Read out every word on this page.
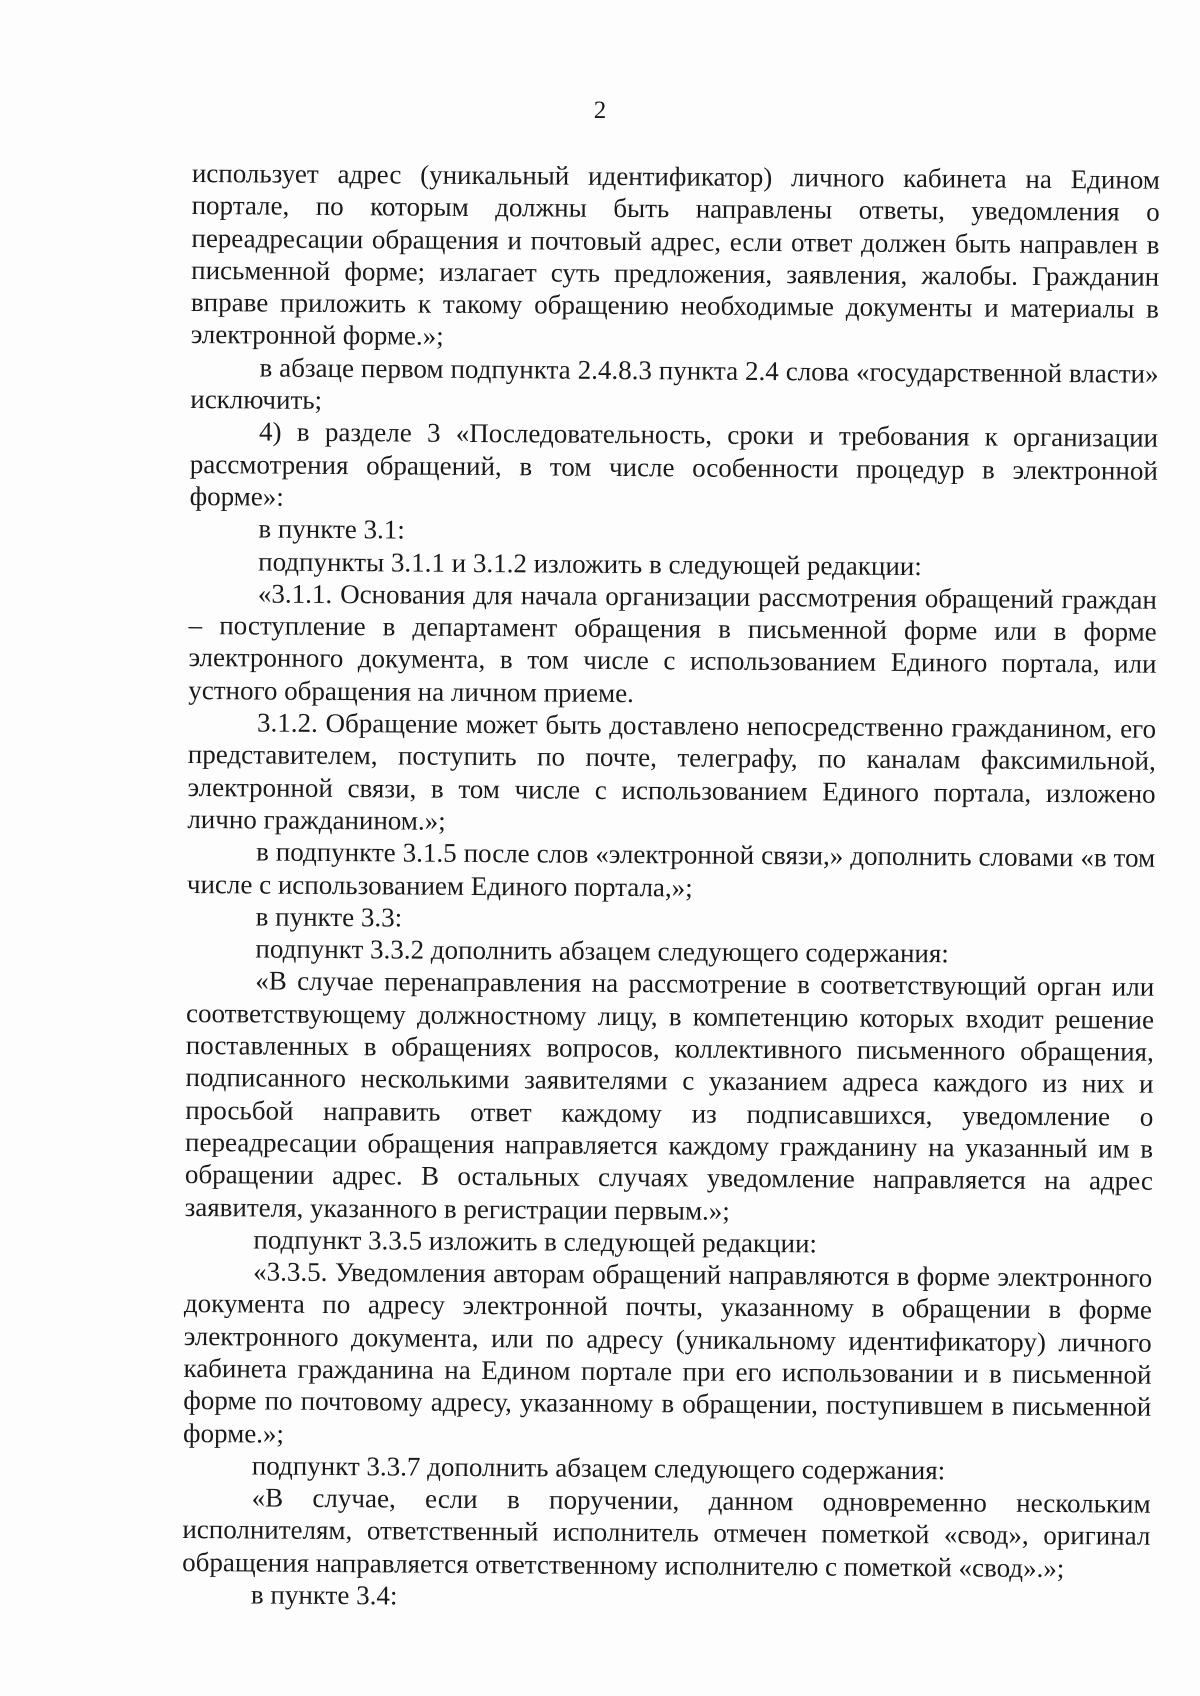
2

использует адрес (уникальный идентификатор) личного кабинета на Едином портале, по которым должны быть направлены ответы, уведомления о переадресации обращения и почтовый адрес, если ответ должен быть направлен в письменной форме; излагает суть предложения, заявления, жалобы. Гражданин вправе приложить к такому обращению необходимые документы и материалы в электронной форме.»;

в абзаце первом подпункта 2.4.8.3 пункта 2.4 слова «государственной власти» исключить;

4) в разделе 3 «Последовательность, сроки и требования к организации рассмотрения обращений, в том числе особенности процедур в электронной форме»:

в пункте 3.1:

подпункты 3.1.1 и 3.1.2 изложить в следующей редакции:

«3.1.1. Основания для начала организации рассмотрения обращений граждан – поступление в департамент обращения в письменной форме или в форме электронного документа, в том числе с использованием Единого портала, или устного обращения на личном приеме.

3.1.2. Обращение может быть доставлено непосредственно гражданином, его представителем, поступить по почте, телеграфу, по каналам факсимильной, электронной связи, в том числе с использованием Единого портала, изложено лично гражданином.»;

в подпункте 3.1.5 после слов «электронной связи,» дополнить словами «в том числе с использованием Единого портала,»;

в пункте 3.3:

подпункт 3.3.2 дополнить абзацем следующего содержания:

«В случае перенаправления на рассмотрение в соответствующий орган или соответствующему должностному лицу, в компетенцию которых входит решение поставленных в обращениях вопросов, коллективного письменного обращения, подписанного несколькими заявителями с указанием адреса каждого из них и просьбой направить ответ каждому из подписавшихся, уведомление о переадресации обращения направляется каждому гражданину на указанный им в обращении адрес. В остальных случаях уведомление направляется на адрес заявителя, указанного в регистрации первым.»;

подпункт 3.3.5 изложить в следующей редакции:

«3.3.5. Уведомления авторам обращений направляются в форме электронного документа по адресу электронной почты, указанному в обращении в форме электронного документа, или по адресу (уникальному идентификатору) личного кабинета гражданина на Едином портале при его использовании и в письменной форме по почтовому адресу, указанному в обращении, поступившем в письменной форме.»;

подпункт 3.3.7 дополнить абзацем следующего содержания:

«В случае, если в поручении, данном одновременно нескольким исполнителям, ответственный исполнитель отмечен пометкой «свод», оригинал обращения направляется ответственному исполнителю с пометкой «свод».»;

в пункте 3.4:
